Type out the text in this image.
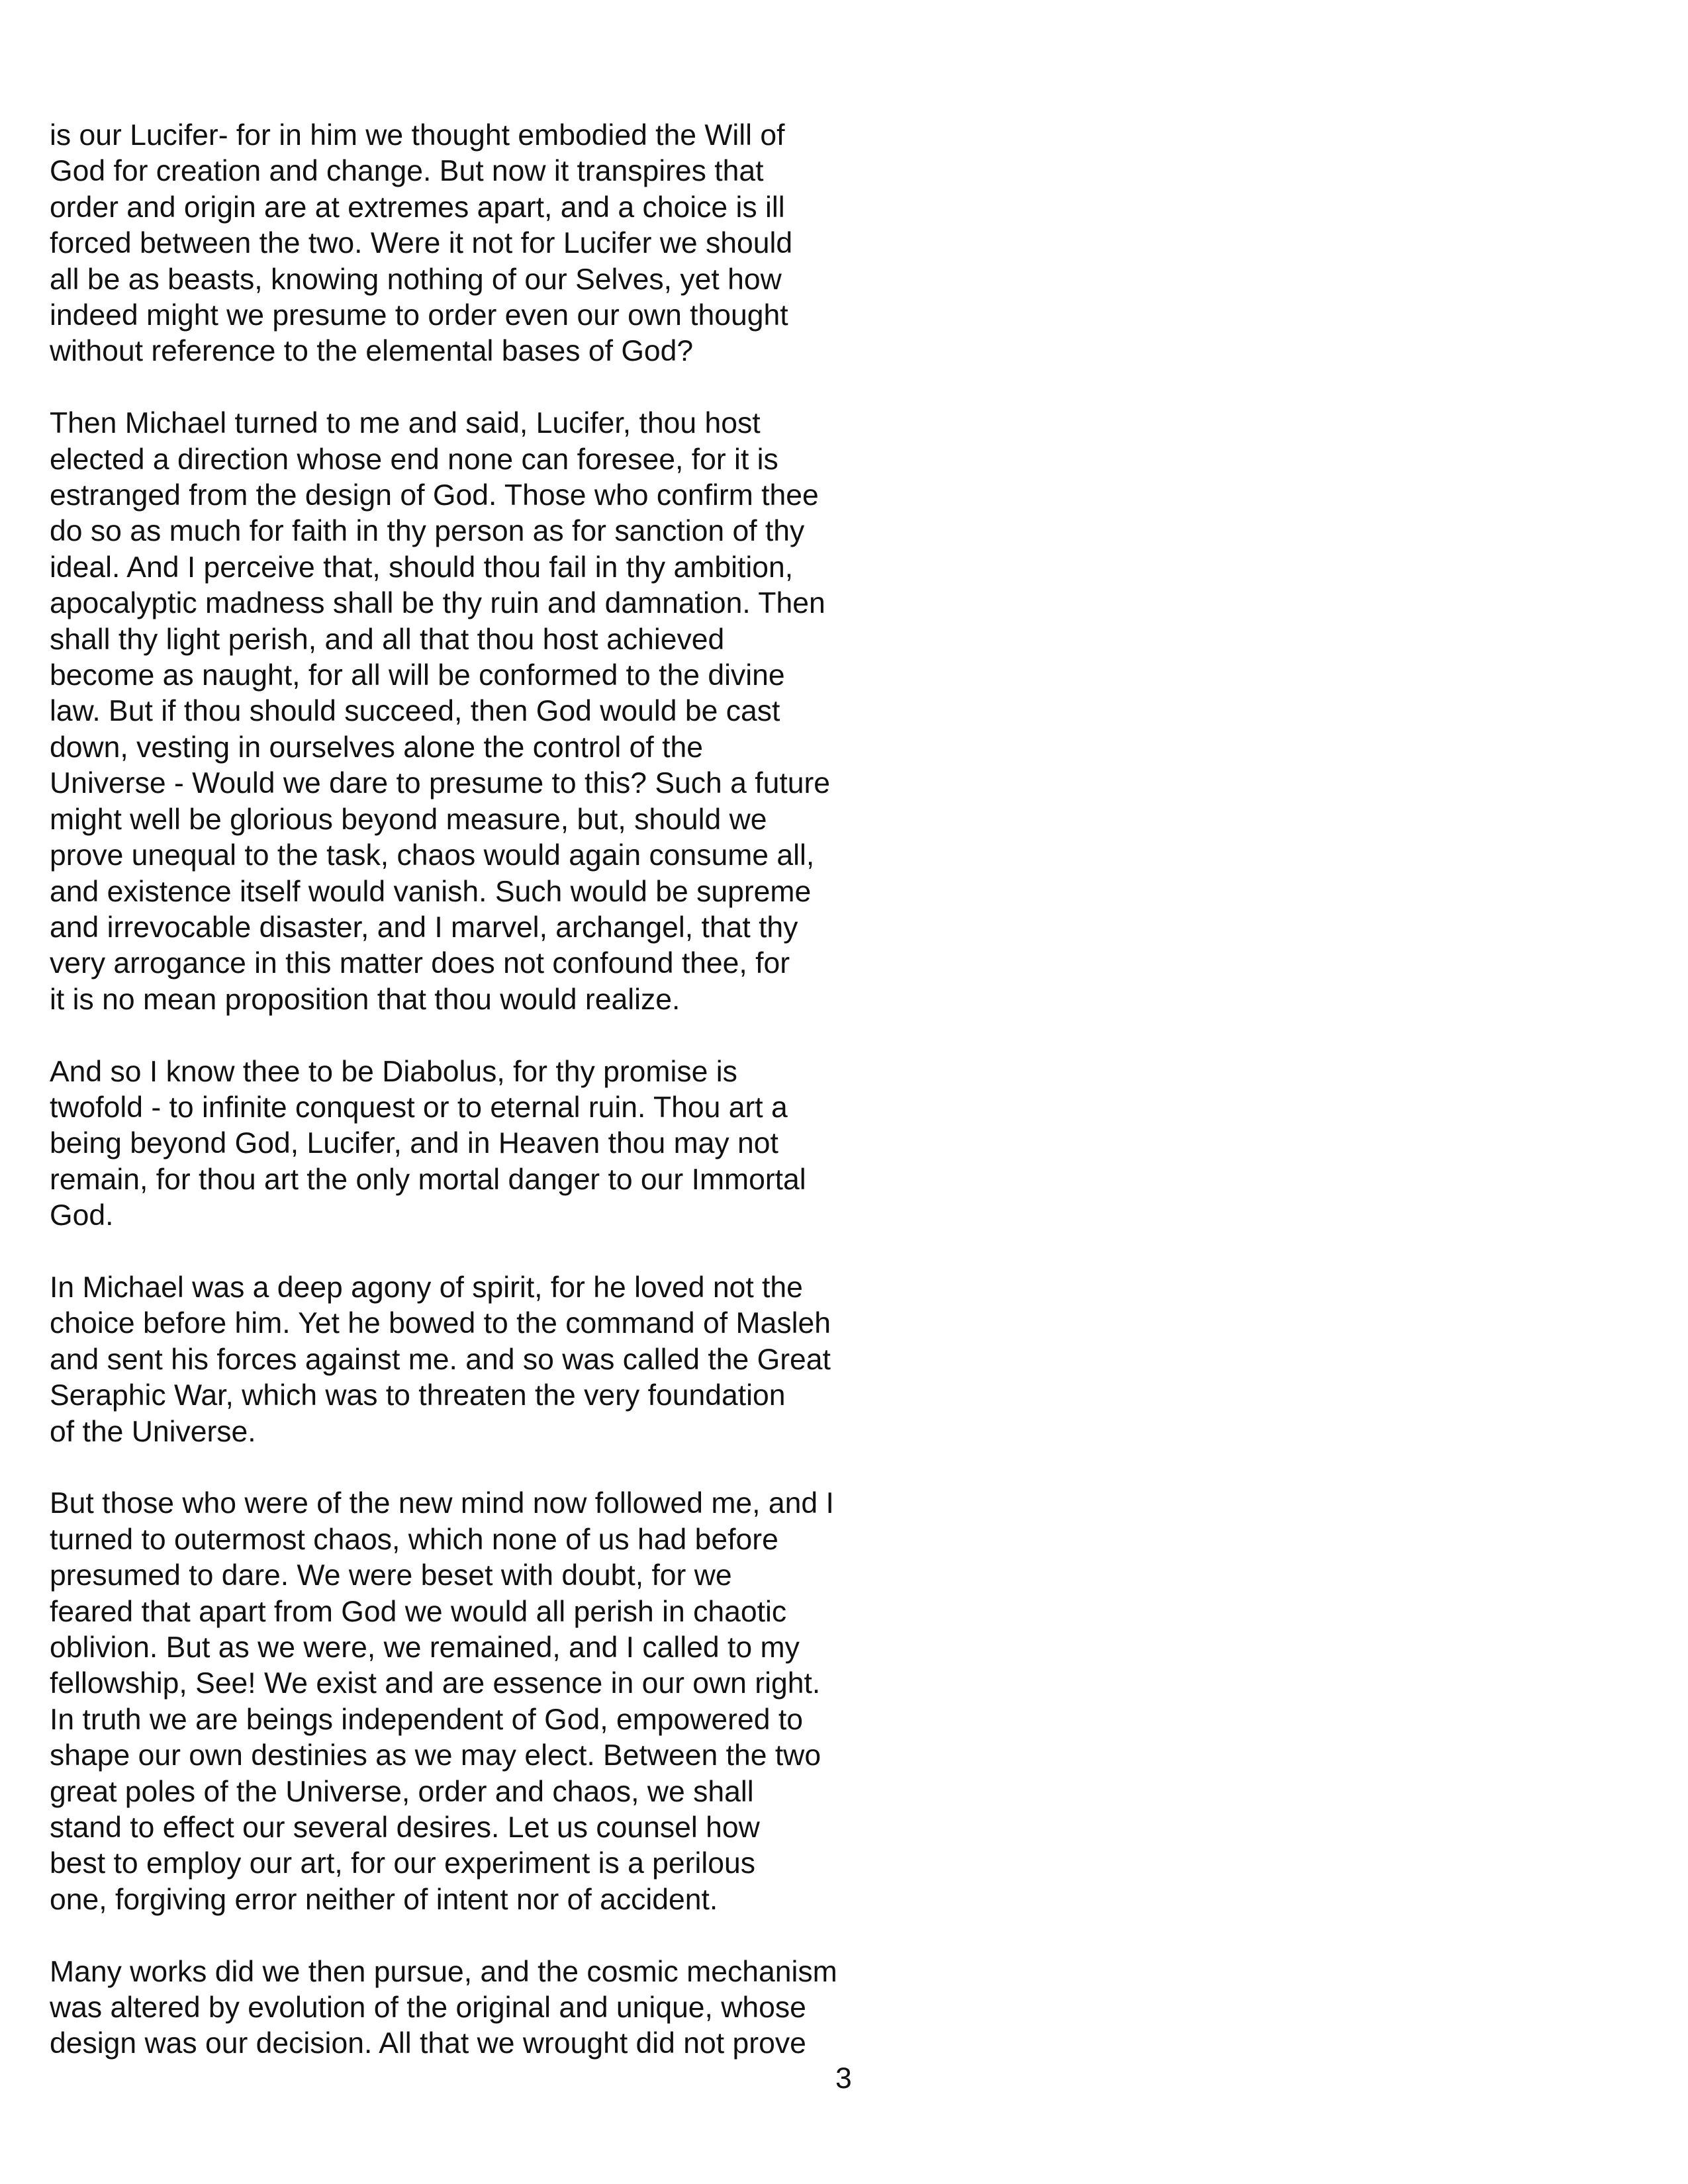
is our Lucifer- for in him we thought embodied the Will of
God for creation and change. But now it transpires that
order and origin are at extremes apart, and a choice is ill
forced between the two. Were it not for Lucifer we should
all be as beasts, knowing nothing of our Selves, yet how
indeed might we presume to order even our own thought
without reference to the elemental bases of God?
Then Michael turned to me and said, Lucifer, thou host
elected a direction whose end none can foresee, for it is
estranged from the design of God. Those who confirm thee
do so as much for faith in thy person as for sanction of thy
ideal. And I perceive that, should thou fail in thy ambition,
apocalyptic madness shall be thy ruin and damnation. Then
shall thy light perish, and all that thou host achieved
become as naught, for all will be conformed to the divine
law. But if thou should succeed, then God would be cast
down, vesting in ourselves alone the control of the
Universe - Would we dare to presume to this? Such a future
might well be glorious beyond measure, but, should we
prove unequal to the task, chaos would again consume all,
and existence itself would vanish. Such would be supreme
and irrevocable disaster, and I marvel, archangel, that thy
very arrogance in this matter does not confound thee, for
it is no mean proposition that thou would realize.
And so I know thee to be Diabolus, for thy promise is
twofold - to infinite conquest or to eternal ruin. Thou art a
being beyond God, Lucifer, and in Heaven thou may not
remain, for thou art the only mortal danger to our Immortal
God.
In Michael was a deep agony of spirit, for he loved not the
choice before him. Yet he bowed to the command of Masleh
and sent his forces against me. and so was called the Great
Seraphic War, which was to threaten the very foundation
of the Universe.
But those who were of the new mind now followed me, and I
turned to outermost chaos, which none of us had before
presumed to dare. We were beset with doubt, for we
feared that apart from God we would all perish in chaotic
oblivion. But as we were, we remained, and I called to my
fellowship, See! We exist and are essence in our own right.
In truth we are beings independent of God, empowered to
shape our own destinies as we may elect. Between the two
great poles of the Universe, order and chaos, we shall
stand to effect our several desires. Let us counsel how
best to employ our art, for our experiment is a perilous
one, forgiving error neither of intent nor of accident.
Many works did we then pursue, and the cosmic mechanism
was altered by evolution of the original and unique, whose
design was our decision. All that we wrought did not prove
3
